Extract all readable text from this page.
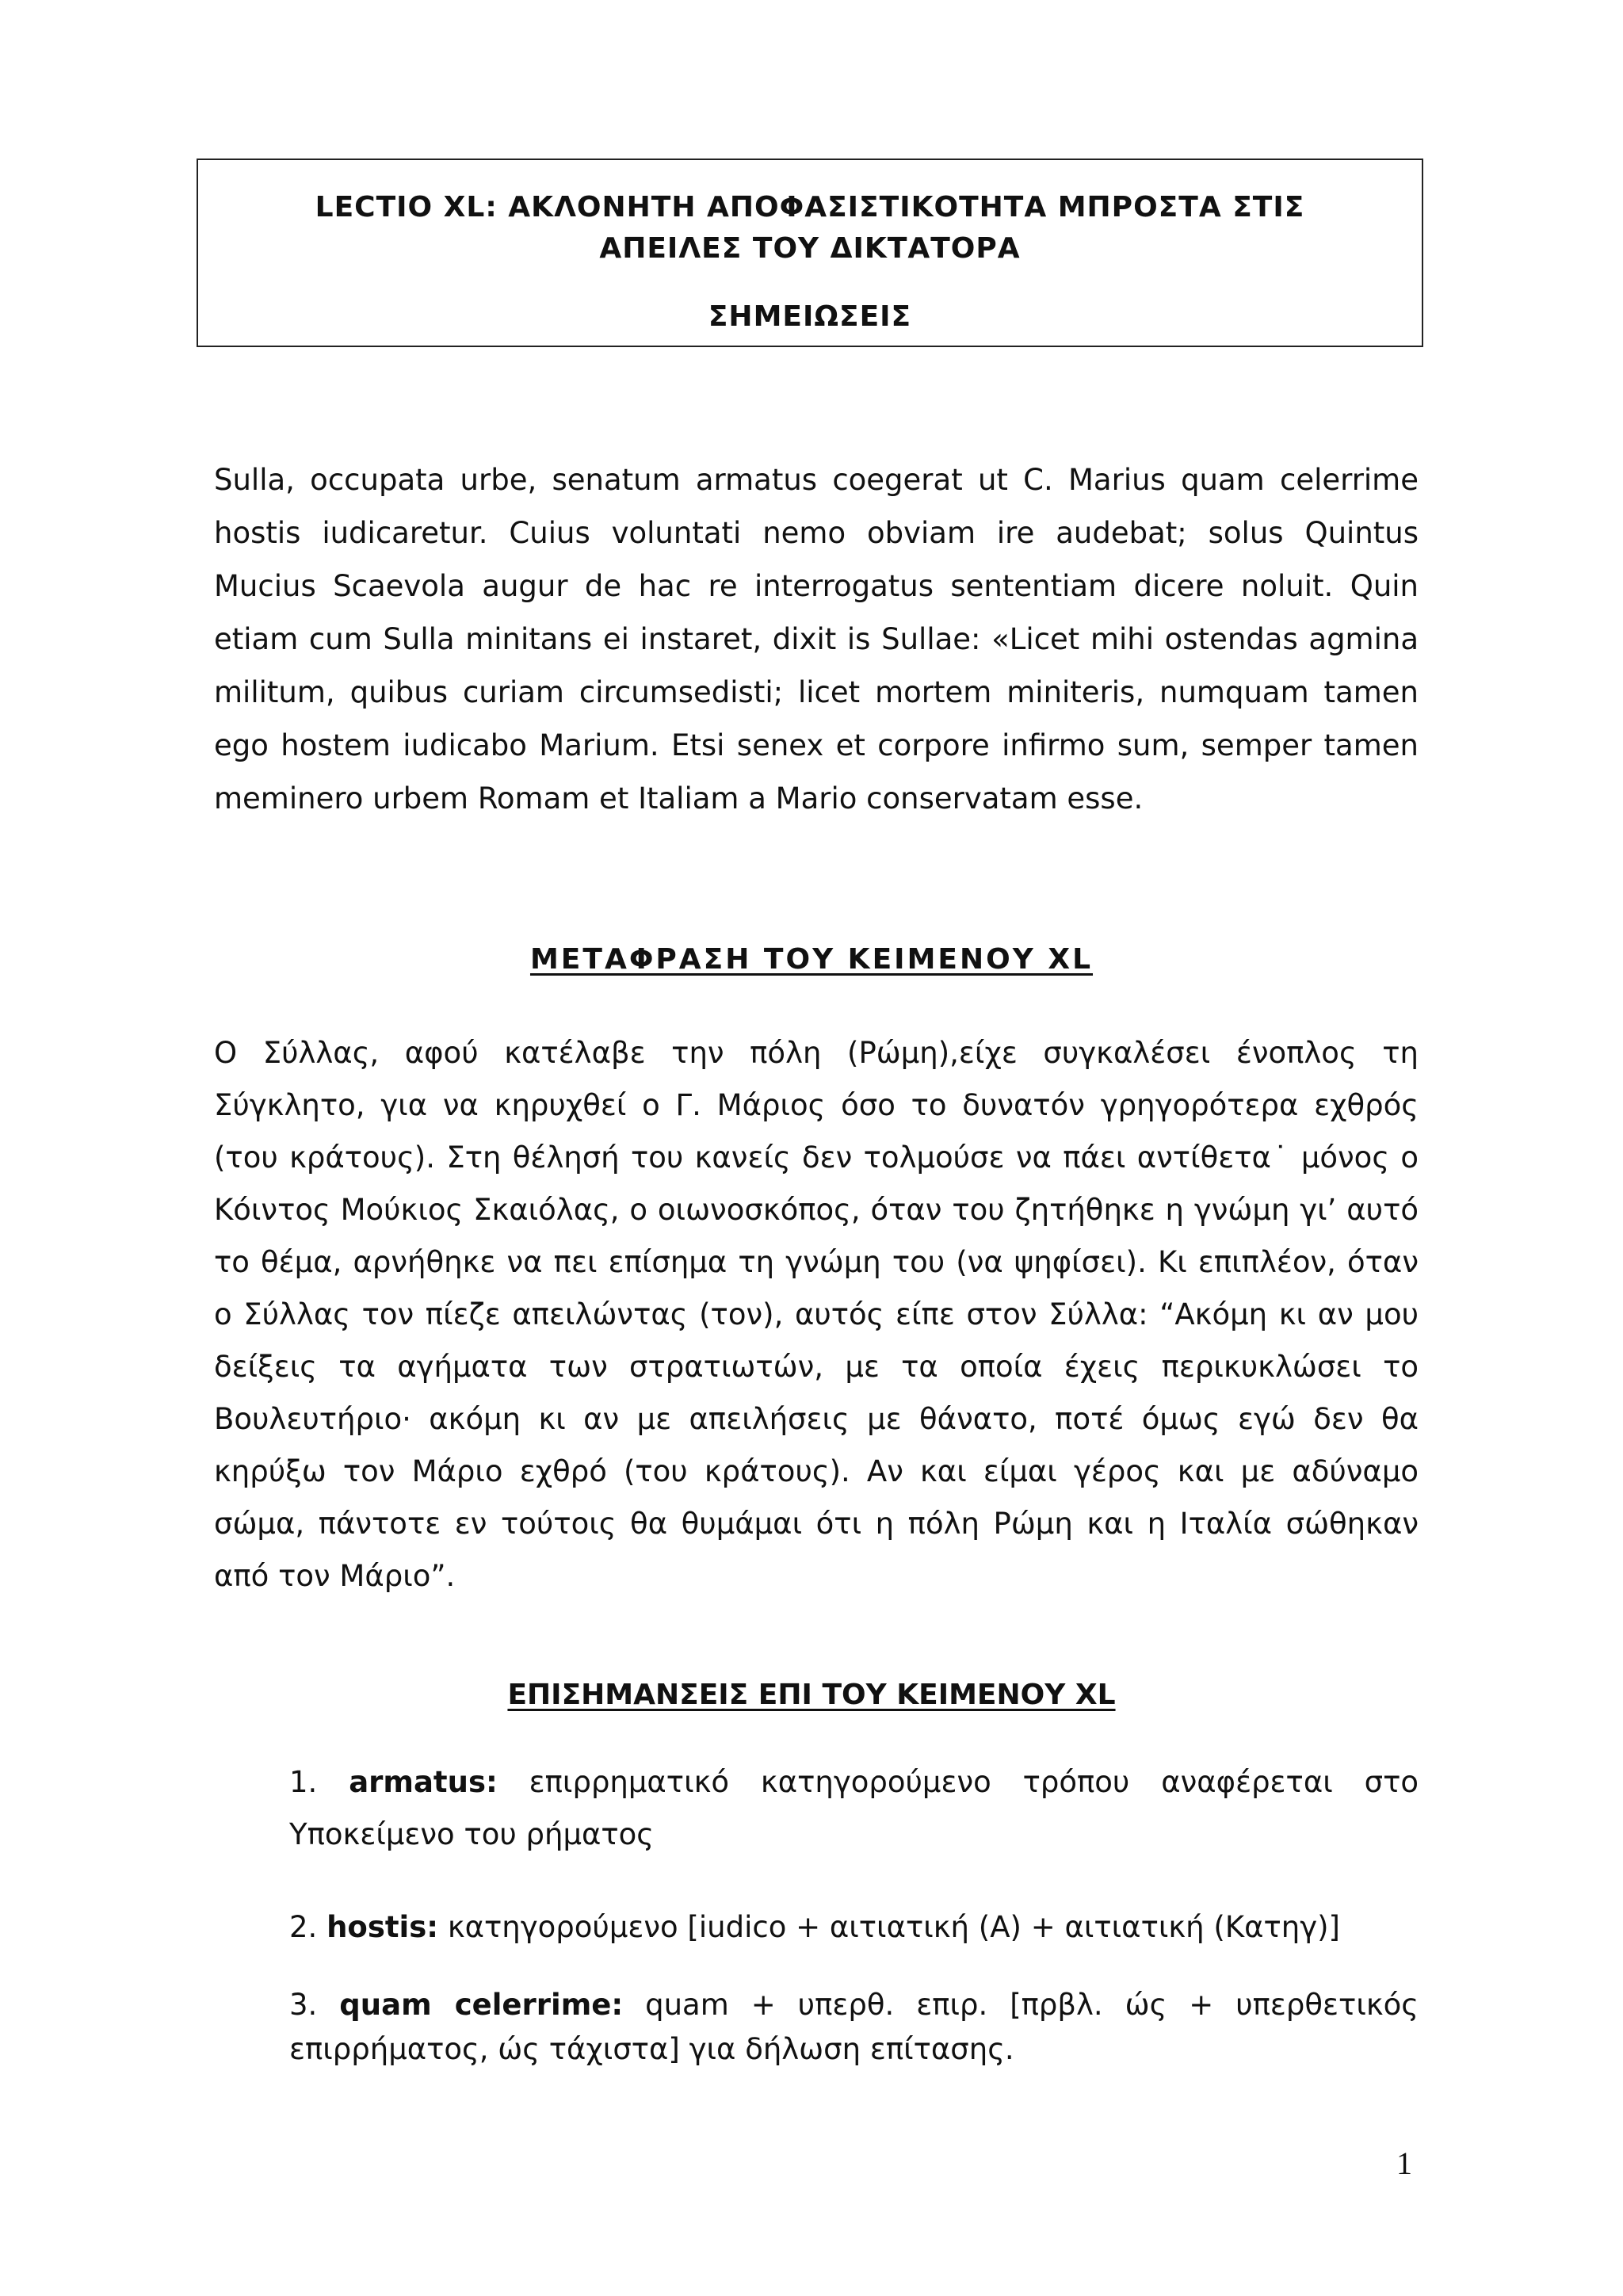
LECTIO XL: ΑΚΛΟΝΗΤΗ ΑΠΟΦΑΣΙΣΤΙΚΟΤΗΤΑ ΜΠΡΟΣΤΑ ΣΤΙΣ ΑΠΕΙΛΕΣ ΤΟΥ ΔΙΚΤΑΤΟΡΑ
ΣΗΜΕΙΩΣΕΙΣ

Sulla, occupata urbe, senatum armatus coegerat ut C. Marius quam celerrime hostis iudicaretur. Cuius voluntati nemo obviam ire audebat; solus Quintus Mucius Scaevola augur de hac re interrogatus sententiam dicere noluit. Quin etiam cum Sulla minitans ei instaret, dixit is Sullae: «Licet mihi ostendas agmina militum, quibus curiam circumsedisti; licet mortem miniteris, numquam tamen ego hostem iudicabo Marium. Etsi senex et corpore infirmo sum, semper tamen meminero urbem Romam et Italiam a Mario conservatam esse.

ΜΕΤΑΦΡΑΣΗ ΤΟΥ ΚΕΙΜΕΝΟΥ XL

Ο Σύλλας, αφού κατέλαβε την πόλη (Ρώμη),είχε συγκαλέσει ένοπλος τη Σύγκλητο, για να κηρυχθεί ο Γ. Μάριος όσο το δυνατόν γρηγορότερα εχθρός (του κράτους). Στη θέλησή του κανείς δεν τολμούσε να πάει αντίθετα˙ μόνος ο Κόιντος Μούκιος Σκαιόλας, ο οιωνοσκόπος, όταν του ζητήθηκε η γνώμη γι’ αυτό το θέμα, αρνήθηκε να πει επίσημα τη γνώμη του (να ψηφίσει). Κι επιπλέον, όταν ο Σύλλας τον πίεζε απειλώντας (τον), αυτός είπε στον Σύλλα: “Ακόμη κι αν μου δείξεις τα αγήματα των στρατιωτών, με τα οποία έχεις περικυκλώσει το Βουλευτήριο· ακόμη κι αν με απειλήσεις με θάνατο, ποτέ όμως εγώ δεν θα κηρύξω τον Μάριο εχθρό (του κράτους). Αν και είμαι γέρος και με αδύναμο σώμα, πάντοτε εν τούτοις θα θυμάμαι ότι η πόλη Ρώμη και η Ιταλία σώθηκαν από τον Μάριο”.

ΕΠΙΣΗΜΑΝΣΕΙΣ ΕΠΙ ΤΟΥ ΚΕΙΜΕΝΟΥ XL

1. armatus: επιρρηματικό κατηγορούμενο τρόπου αναφέρεται στο Υποκείμενο του ρήματος

2. hostis: κατηγορούμενο [iudico + αιτιατική (Α) + αιτιατική (Κατηγ)]

3. quam celerrime: quam + υπερθ. επιρ. [πρβλ. ώς + υπερθετικός επιρρήματος, ώς τάχιστα] για δήλωση επίτασης.

1
